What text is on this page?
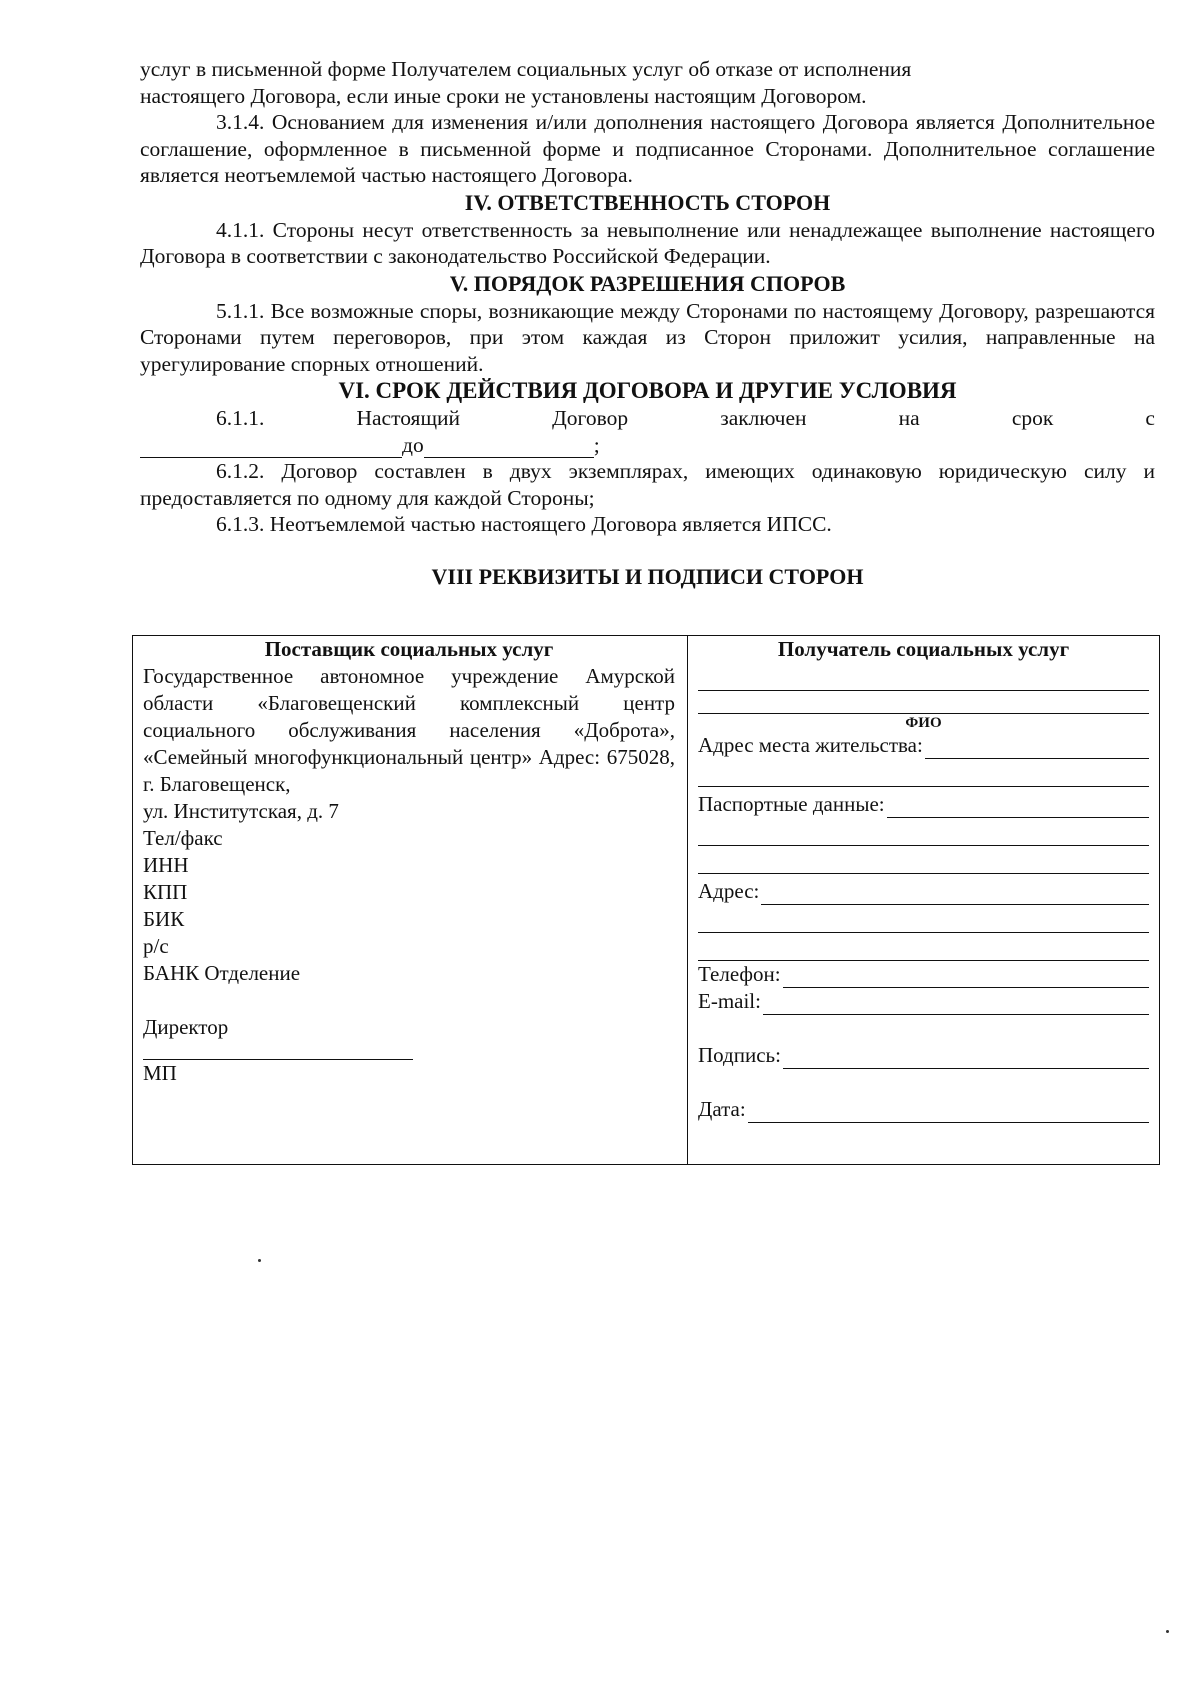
услуг в письменной форме Получателем социальных услуг об отказе от исполнения

настоящего Договора, если иные сроки не установлены настоящим Договором.

3.1.4. Основанием для изменения и/или дополнения настоящего Договора является Дополнительное соглашение, оформленное в письменной форме и подписанное Сторонами. Дополнительное соглашение является неотъемлемой частью настоящего Договора.

IV. ОТВЕТСТВЕННОСТЬ СТОРОН

4.1.1. Стороны несут ответственность за невыполнение или ненадлежащее выполнение настоящего Договора в соответствии с законодательство Российской Федерации.

V. ПОРЯДОК РАЗРЕШЕНИЯ СПОРОВ

5.1.1. Все возможные споры, возникающие между Сторонами по настоящему Договору, разрешаются Сторонами путем переговоров, при этом каждая из Сторон приложит усилия, направленные на урегулирование спорных отношений.

VI. СРОК ДЕЙСТВИЯ ДОГОВОРА И ДРУГИЕ УСЛОВИЯ

6.1.1.	Настоящий	Договор	заключен	на	срок	с
до	;

6.1.2. Договор составлен в двух экземплярах, имеющих одинаковую юридическую силу и предоставляется по одному для каждой Стороны;

6.1.3. Неотъемлемой частью настоящего Договора является ИПСС.

VIII РЕКВИЗИТЫ И ПОДПИСИ СТОРОН

Поставщик социальных услуг
Государственное автономное учреждение Амурской области «Благовещенский комплексный центр социального обслуживания населения «Доброта», «Семейный многофункциональный центр» Адрес: 675028, г. Благовещенск,
ул. Институтская, д. 7
Тел/факс
ИНН
КПП
БИК
р/с
БАНК Отделение
Директор
МП

Получатель социальных услуг
ФИО
Адрес места жительства:
Паспортные данные:
Адрес:
Телефон:
E-mail:
Подпись:
Дата:
